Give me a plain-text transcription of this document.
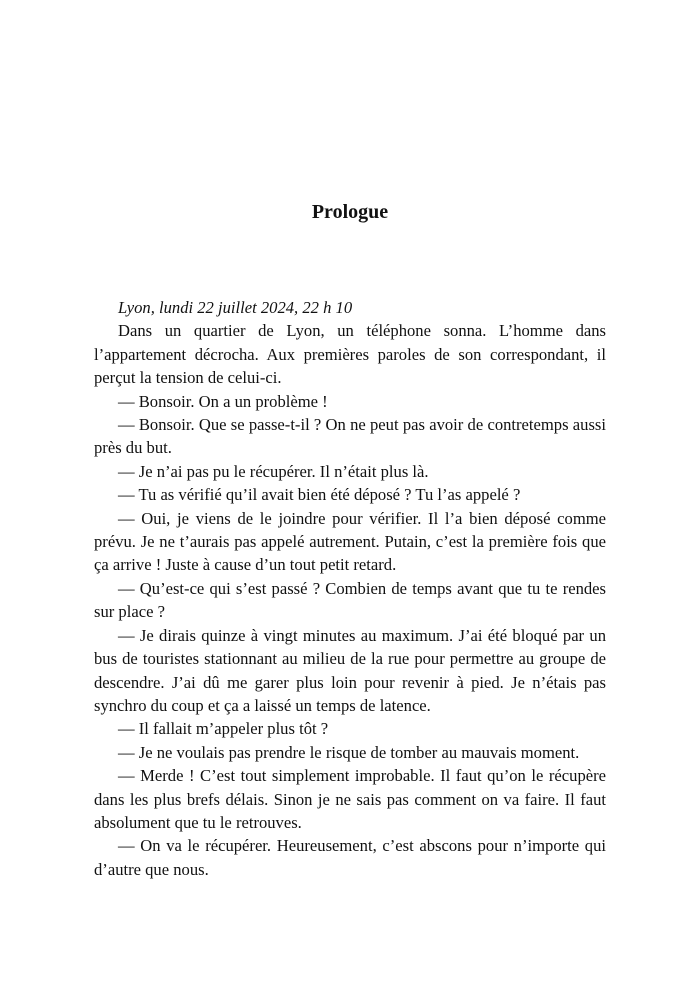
Prologue

Lyon, lundi 22 juillet 2024, 22 h 10

Dans un quartier de Lyon, un téléphone sonna. L’homme dans l’appartement décrocha. Aux premières paroles de son correspondant, il perçut la tension de celui-ci.

— Bonsoir. On a un problème !

— Bonsoir. Que se passe-t-il ? On ne peut pas avoir de contretemps aussi près du but.

— Je n’ai pas pu le récupérer. Il n’était plus là.

— Tu as vérifié qu’il avait bien été déposé ? Tu l’as appelé ?

— Oui, je viens de le joindre pour vérifier. Il l’a bien déposé comme prévu. Je ne t’aurais pas appelé autrement. Putain, c’est la première fois que ça arrive ! Juste à cause d’un tout petit retard.

— Qu’est-ce qui s’est passé ? Combien de temps avant que tu te rendes sur place ?

— Je dirais quinze à vingt minutes au maximum. J’ai été bloqué par un bus de touristes stationnant au milieu de la rue pour permettre au groupe de descendre. J’ai dû me garer plus loin pour revenir à pied. Je n’étais pas synchro du coup et ça a laissé un temps de latence.

— Il fallait m’appeler plus tôt ?

— Je ne voulais pas prendre le risque de tomber au mauvais moment.

— Merde ! C’est tout simplement improbable. Il faut qu’on le récupère dans les plus brefs délais. Sinon je ne sais pas comment on va faire. Il faut absolument que tu le retrouves.

— On va le récupérer. Heureusement, c’est abscons pour n’importe qui d’autre que nous.
